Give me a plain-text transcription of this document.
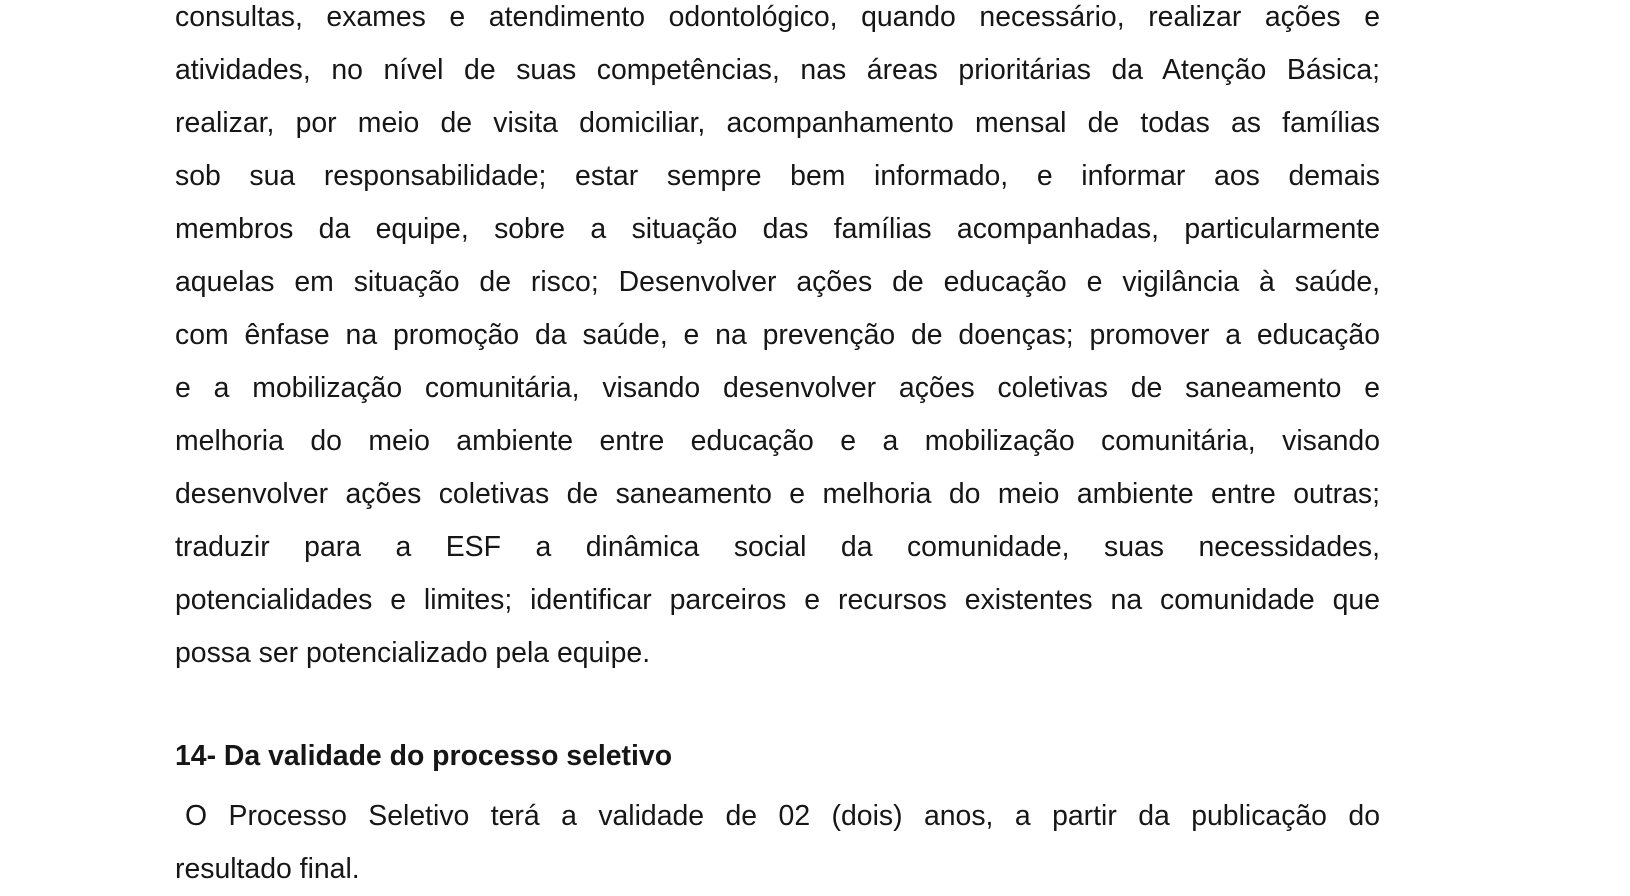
consultas, exames e atendimento odontológico, quando necessário, realizar ações e
atividades, no nível de suas competências, nas áreas prioritárias da Atenção Básica;
realizar, por meio de visita domiciliar, acompanhamento mensal de todas as famílias
sob sua responsabilidade; estar sempre bem informado, e informar aos demais
membros da equipe, sobre a situação das famílias acompanhadas, particularmente
aquelas em situação de risco; Desenvolver ações de educação e vigilância à saúde,
com ênfase na promoção da saúde, e na prevenção de doenças; promover a educação
e a mobilização comunitária, visando desenvolver ações coletivas de saneamento e
melhoria do meio ambiente entre educação e a mobilização comunitária, visando
desenvolver ações coletivas de saneamento e melhoria do meio ambiente entre outras;
traduzir para a ESF a dinâmica social da comunidade, suas necessidades,
potencialidades e limites; identificar parceiros e recursos existentes na comunidade que
possa ser potencializado pela equipe.
14- Da validade do processo seletivo
O Processo Seletivo terá a validade de 02 (dois) anos, a partir da publicação do
resultado final.
